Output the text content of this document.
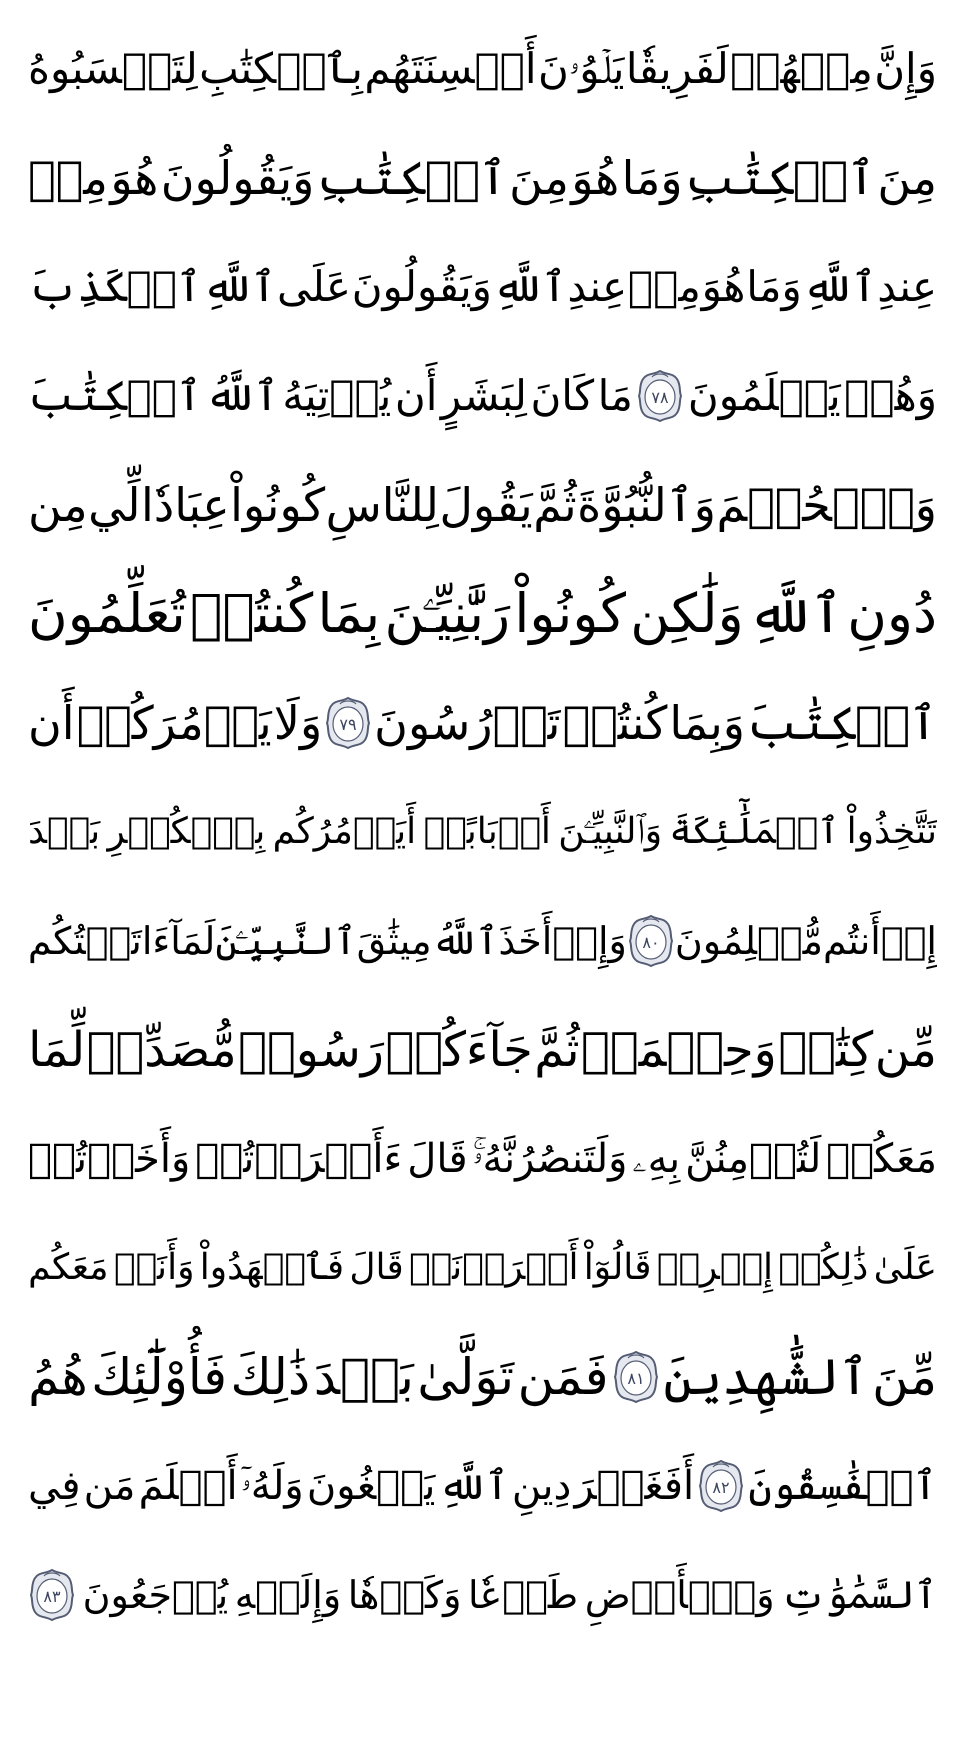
وَإِنَّ
مِنۡهُمۡ
لَفَرِيقٗا
يَلۡوُۥنَ
أَلۡسِنَتَهُم
بِٱلۡكِتَٰبِ
لِتَحۡسَبُوهُ
مِنَ
ٱلۡكِتَٰبِ
وَمَا
هُوَ
مِنَ
ٱلۡكِتَٰبِ
وَيَقُولُونَ
هُوَ
مِنۡ
عِندِ
ٱللَّهِ
وَمَا
هُوَ
مِنۡ
عِندِ
ٱللَّهِ
وَيَقُولُونَ
عَلَى
ٱللَّهِ
ٱلۡكَذِبَ
وَهُمۡ
يَعۡلَمُونَ
٧٨
مَا
كَانَ
لِبَشَرٍ
أَن
يُؤۡتِيَهُ
ٱللَّهُ
ٱلۡكِتَٰبَ
وَٱلۡحُكۡمَ
وَٱلنُّبُوَّةَ
ثُمَّ
يَقُولَ
لِلنَّاسِ
كُونُواْ
عِبَادٗا
لِّي
مِن
دُونِ
ٱللَّهِ
وَلَٰكِن
كُونُواْ
رَبَّٰنِيِّـۧنَ
بِمَا
كُنتُمۡ
تُعَلِّمُونَ
ٱلۡكِتَٰبَ
وَبِمَا
كُنتُمۡ
تَدۡرُسُونَ
٧٩
وَلَا
يَأۡمُرَكُمۡ
أَن
تَتَّخِذُواْ
ٱلۡمَلَٰٓئِكَةَ
وَٱلنَّبِيِّـۧنَ
أَرۡبَابًاۗ
أَيَأۡمُرُكُم
بِٱلۡكُفۡرِ
بَعۡدَ
إِذۡ
أَنتُم
مُّسۡلِمُونَ
٨٠
وَإِذۡ
أَخَذَ
ٱللَّهُ
مِيثَٰقَ
ٱلنَّبِيِّـۧنَ
لَمَآ
ءَاتَيۡتُكُم
مِّن
كِتَٰبٖ
وَحِكۡمَةٖ
ثُمَّ
جَآءَكُمۡ
رَسُولٞ
مُّصَدِّقٞ
لِّمَا
مَعَكُمۡ
لَتُؤۡمِنُنَّ
بِهِۦ
وَلَتَنصُرُنَّهُۥۚ
قَالَ
ءَأَقۡرَرۡتُمۡ
وَأَخَذۡتُمۡ
عَلَىٰ
ذَٰلِكُمۡ
إِصۡرِيۖ
قَالُوٓاْ
أَقۡرَرۡنَاۚ
قَالَ
فَٱشۡهَدُواْ
وَأَنَا۠
مَعَكُم
مِّنَ
ٱلشَّٰهِدِينَ
٨١
فَمَن
تَوَلَّىٰ
بَعۡدَ
ذَٰلِكَ
فَأُوْلَٰٓئِكَ
هُمُ
ٱلۡفَٰسِقُونَ
٨٢
أَفَغَيۡرَ
دِينِ
ٱللَّهِ
يَبۡغُونَ
وَلَهُۥٓ
أَسۡلَمَ
مَن
فِي
ٱلسَّمَٰوَٰتِ
وَٱلۡأَرۡضِ
طَوۡعٗا
وَكَرۡهٗا
وَإِلَيۡهِ
يُرۡجَعُونَ
٨٣
